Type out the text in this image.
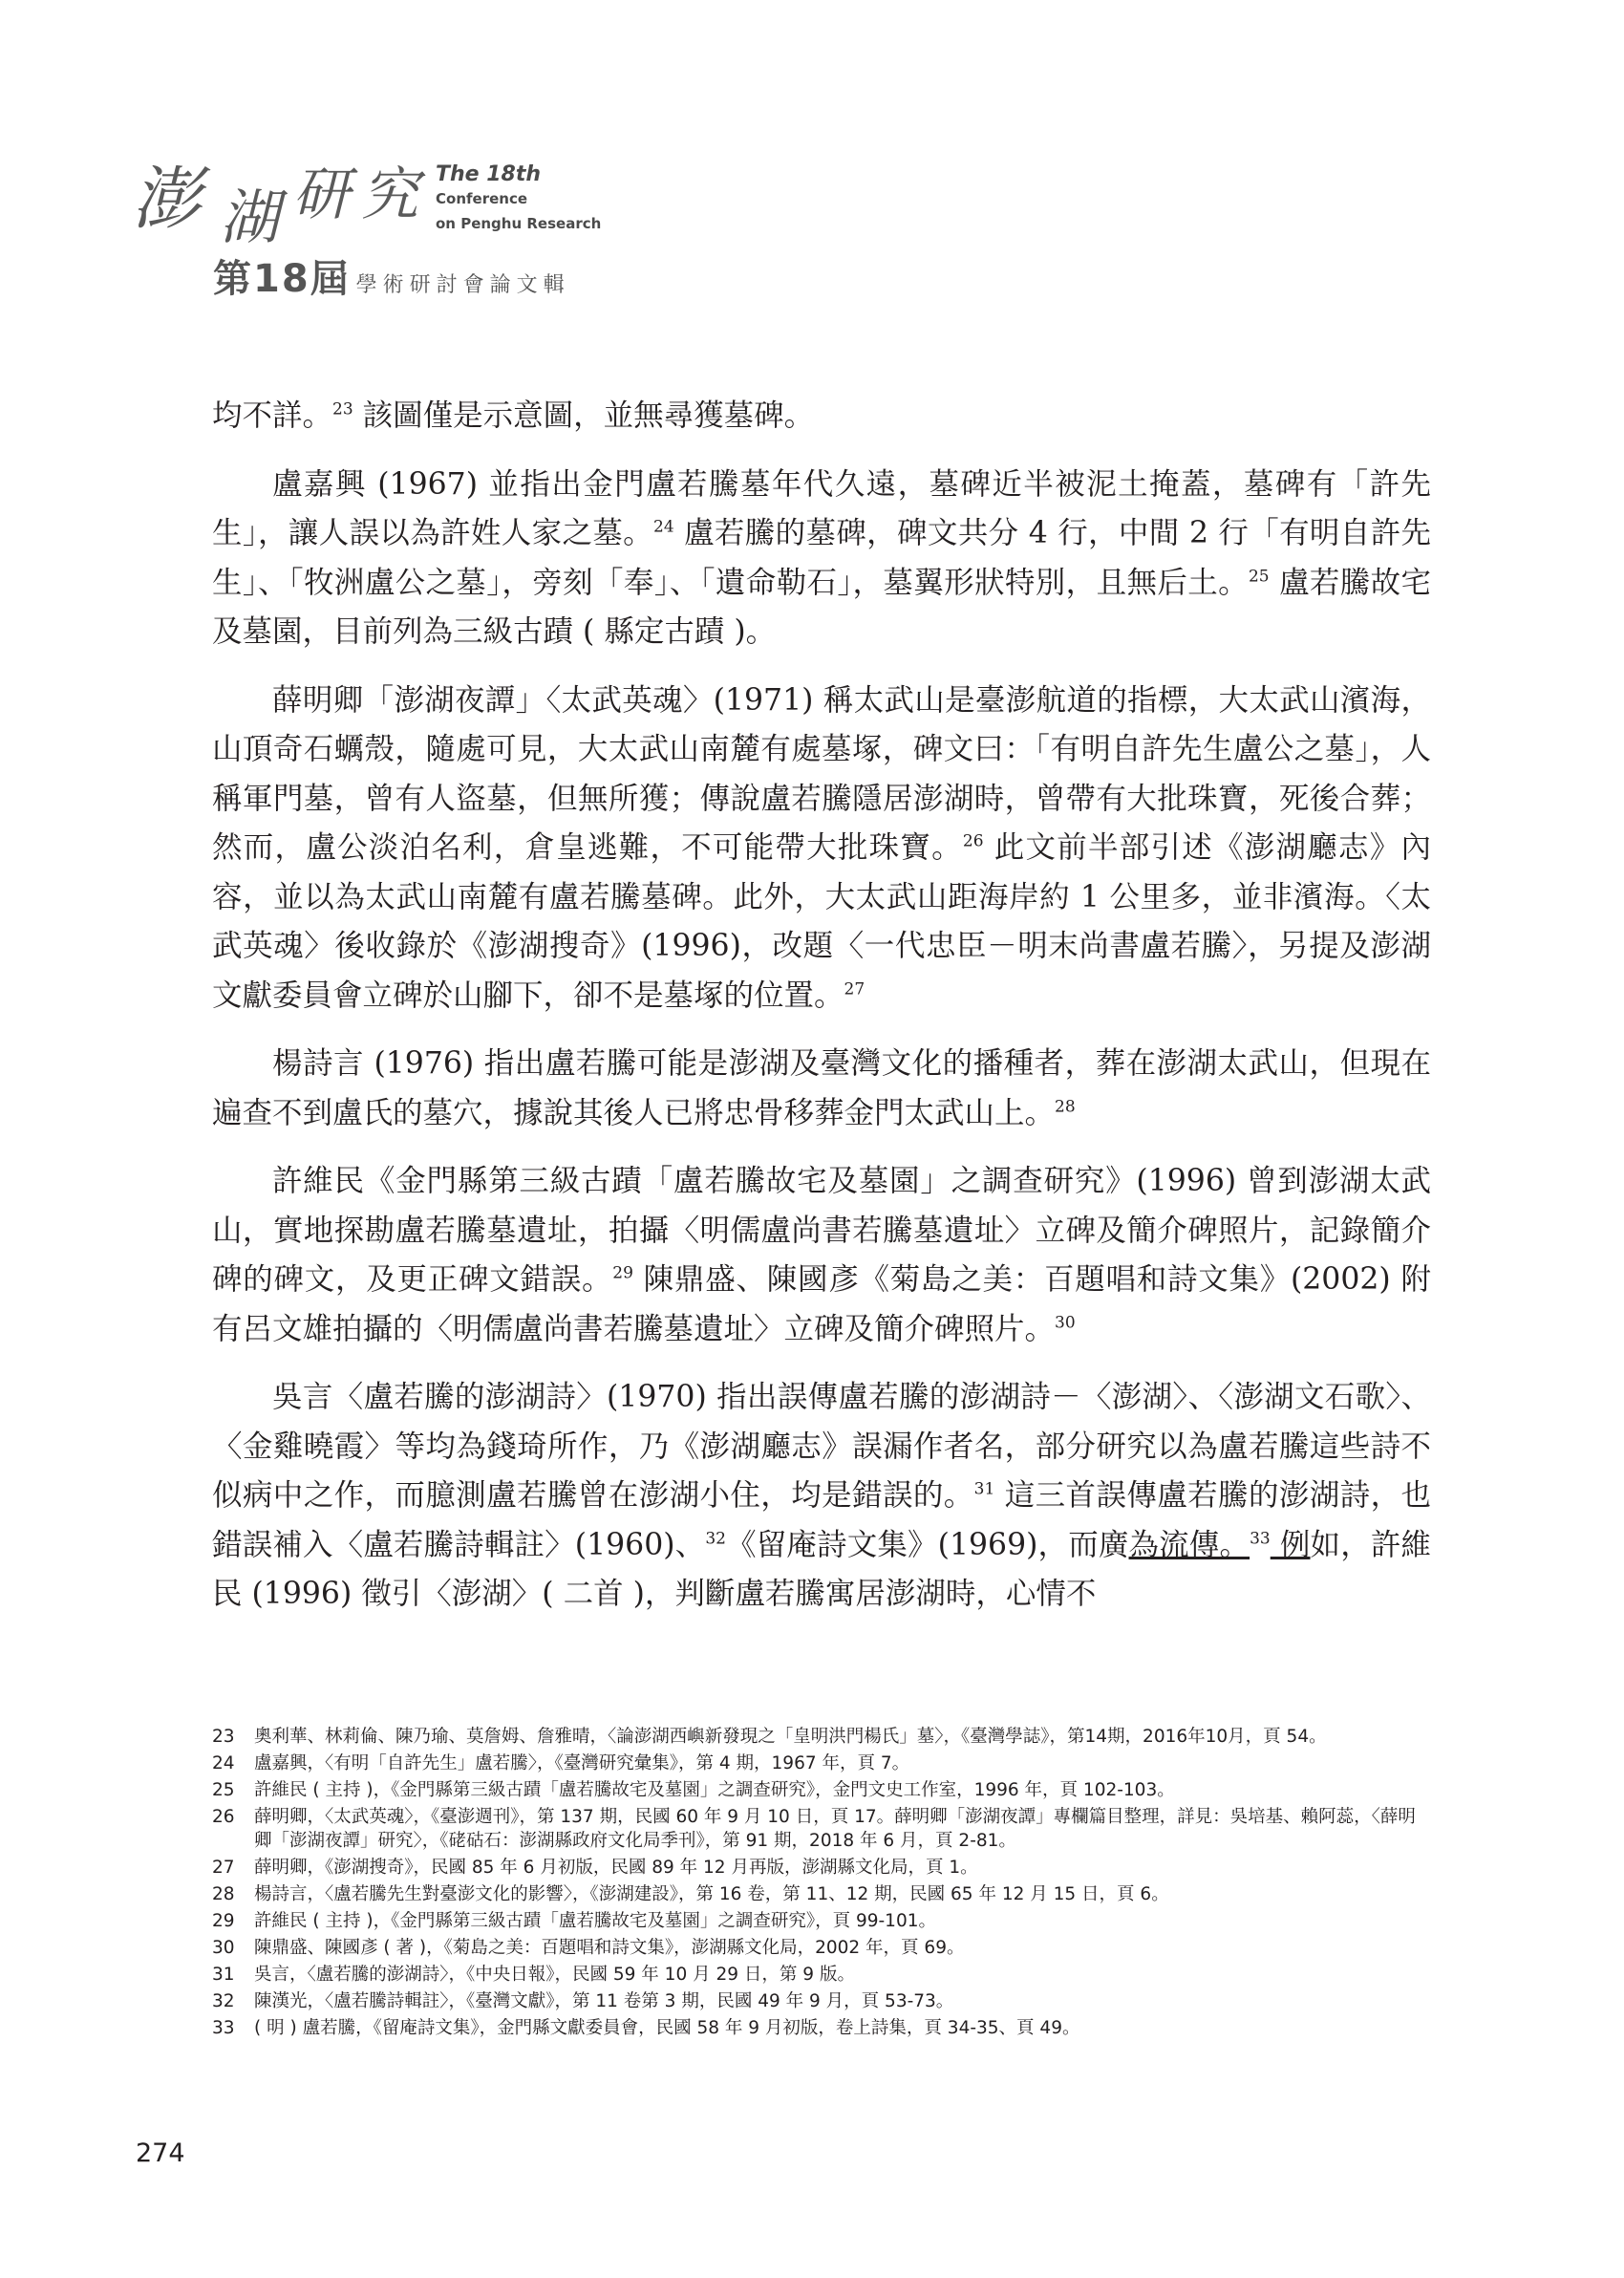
澎 湖 研 究 The 18th
Conference
on Penghu Research
第18屆 學術研討會論文輯

均不詳。$^{23}$ 該圖僅是示意圖，並無尋獲墓碑。

盧嘉興 (1967) 並指出金門盧若騰墓年代久遠，墓碑近半被泥土掩蓋，墓碑有「許先生」，讓人誤以為許姓人家之墓。$^{24}$ 盧若騰的墓碑，碑文共分 4 行，中間 2 行「有明自許先生」、「牧洲盧公之墓」，旁刻「奉」、「遺命勒石」，墓翼形狀特別，且無后土。$^{25}$ 盧若騰故宅及墓園，目前列為三級古蹟 ( 縣定古蹟 )。

薛明卿「澎湖夜譚」〈太武英魂〉(1971) 稱太武山是臺澎航道的指標，大太武山濱海，山頂奇石蠣殼，隨處可見，大太武山南麓有處墓塚，碑文曰：「有明自許先生盧公之墓」，人稱軍門墓，曾有人盜墓，但無所獲；傳說盧若騰隱居澎湖時，曾帶有大批珠寶，死後合葬；然而，盧公淡泊名利，倉皇逃難，不可能帶大批珠寶。$^{26}$ 此文前半部引述《澎湖廳志》內容，並以為太武山南麓有盧若騰墓碑。此外，大太武山距海岸約 1 公里多，並非濱海。〈太武英魂〉後收錄於《澎湖搜奇》(1996)，改題〈一代忠臣－明末尚書盧若騰〉，另提及澎湖文獻委員會立碑於山腳下，卻不是墓塚的位置。$^{27}$

楊詩言 (1976) 指出盧若騰可能是澎湖及臺灣文化的播種者，葬在澎湖太武山，但現在遍查不到盧氏的墓穴，據說其後人已將忠骨移葬金門太武山上。$^{28}$

許維民《金門縣第三級古蹟「盧若騰故宅及墓園」之調查研究》(1996) 曾到澎湖太武山，實地探勘盧若騰墓遺址，拍攝〈明儒盧尚書若騰墓遺址〉立碑及簡介碑照片，記錄簡介碑的碑文，及更正碑文錯誤。$^{29}$ 陳鼎盛、陳國彥《菊島之美：百題唱和詩文集》(2002) 附有呂文雄拍攝的〈明儒盧尚書若騰墓遺址〉立碑及簡介碑照片。$^{30}$

吳言〈盧若騰的澎湖詩〉(1970) 指出誤傳盧若騰的澎湖詩－〈澎湖〉、〈澎湖文石歌〉、〈金雞曉霞〉等均為錢琦所作，乃《澎湖廳志》誤漏作者名，部分研究以為盧若騰這些詩不似病中之作，而臆測盧若騰曾在澎湖小住，均是錯誤的。$^{31}$ 這三首誤傳盧若騰的澎湖詩，也錯誤補入〈盧若騰詩輯註〉(1960)、$^{32}$《留庵詩文集》(1969)，而廣為流傳。$^{33}$ 例如，許維民 (1996) 徵引〈澎湖〉( 二首 )，判斷盧若騰寓居澎湖時，心情不

23	奧利華、林莉倫、陳乃瑜、莫詹姆、詹雅晴，〈論澎湖西嶼新發現之「皇明洪門楊氏」墓〉，《臺灣學誌》，第14期，2016年10月，頁 54。
24	盧嘉興，〈有明「自許先生」盧若騰〉，《臺灣研究彙集》，第 4 期，1967 年，頁 7。
25	許維民 ( 主持 )，《金門縣第三級古蹟「盧若騰故宅及墓園」之調查研究》，金門文史工作室，1996 年，頁 102-103。
26	薛明卿，〈太武英魂〉，《臺澎週刊》，第 137 期，民國 60 年 9 月 10 日，頁 17。薛明卿「澎湖夜譚」專欄篇目整理，詳見：吳培基、賴阿蕊，〈薛明卿「澎湖夜譚」研究〉，《硓𥑮石：澎湖縣政府文化局季刊》，第 91 期，2018 年 6 月，頁 2-81。
27	薛明卿，《澎湖搜奇》，民國 85 年 6 月初版，民國 89 年 12 月再版，澎湖縣文化局，頁 1。
28	楊詩言，〈盧若騰先生對臺澎文化的影響〉，《澎湖建設》，第 16 卷，第 11、12 期，民國 65 年 12 月 15 日，頁 6。
29	許維民 ( 主持 )，《金門縣第三級古蹟「盧若騰故宅及墓園」之調查研究》，頁 99-101。
30	陳鼎盛、陳國彥 ( 著 )，《菊島之美：百題唱和詩文集》，澎湖縣文化局，2002 年，頁 69。
31	吳言，〈盧若騰的澎湖詩〉，《中央日報》，民國 59 年 10 月 29 日，第 9 版。
32	陳漢光，〈盧若騰詩輯註〉，《臺灣文獻》，第 11 卷第 3 期，民國 49 年 9 月，頁 53-73。
33	( 明 ) 盧若騰，《留庵詩文集》，金門縣文獻委員會，民國 58 年 9 月初版，卷上詩集，頁 34-35、頁 49。
274
